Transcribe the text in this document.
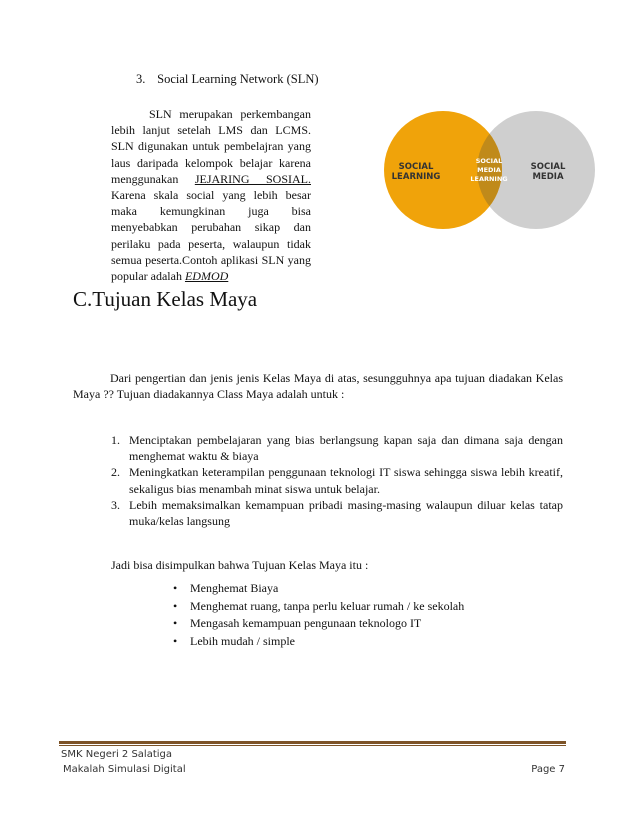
3. Social Learning Network (SLN)
SLN merupakan perkembangan lebih lanjut setelah LMS dan LCMS. SLN digunakan untuk pembelajran yang laus daripada kelompok belajar karena menggunakan JEJARING SOSIAL. Karena skala social yang lebih besar maka kemungkinan juga bisa menyebabkan perubahan sikap dan perilaku pada peserta, walaupun tidak semua peserta.Contoh aplikasi SLN yang popular adalah EDMOD
SOCIAL
LEARNING
SOCIAL
MEDIA
LEARNING
SOCIAL
MEDIA
C.Tujuan Kelas Maya
Dari pengertian dan jenis jenis Kelas Maya di atas, sesungguhnya apa tujuan diadakan Kelas Maya ?? Tujuan diadakannya Class Maya adalah untuk :
1. Menciptakan pembelajaran yang bias berlangsung kapan saja dan dimana saja dengan menghemat waktu & biaya
2. Meningkatkan keterampilan penggunaan teknologi IT siswa sehingga siswa lebih kreatif, sekaligus bias menambah minat siswa untuk belajar.
3. Lebih memaksimalkan kemampuan pribadi masing-masing walaupun diluar kelas tatap muka/kelas langsung
Jadi bisa disimpulkan bahwa Tujuan Kelas Maya itu :
• Menghemat Biaya
• Menghemat ruang, tanpa perlu keluar rumah / ke sekolah
• Mengasah kemampuan pengunaan teknologo IT
• Lebih mudah / simple
SMK Negeri 2 Salatiga
Makalah Simulasi Digital	Page 7
